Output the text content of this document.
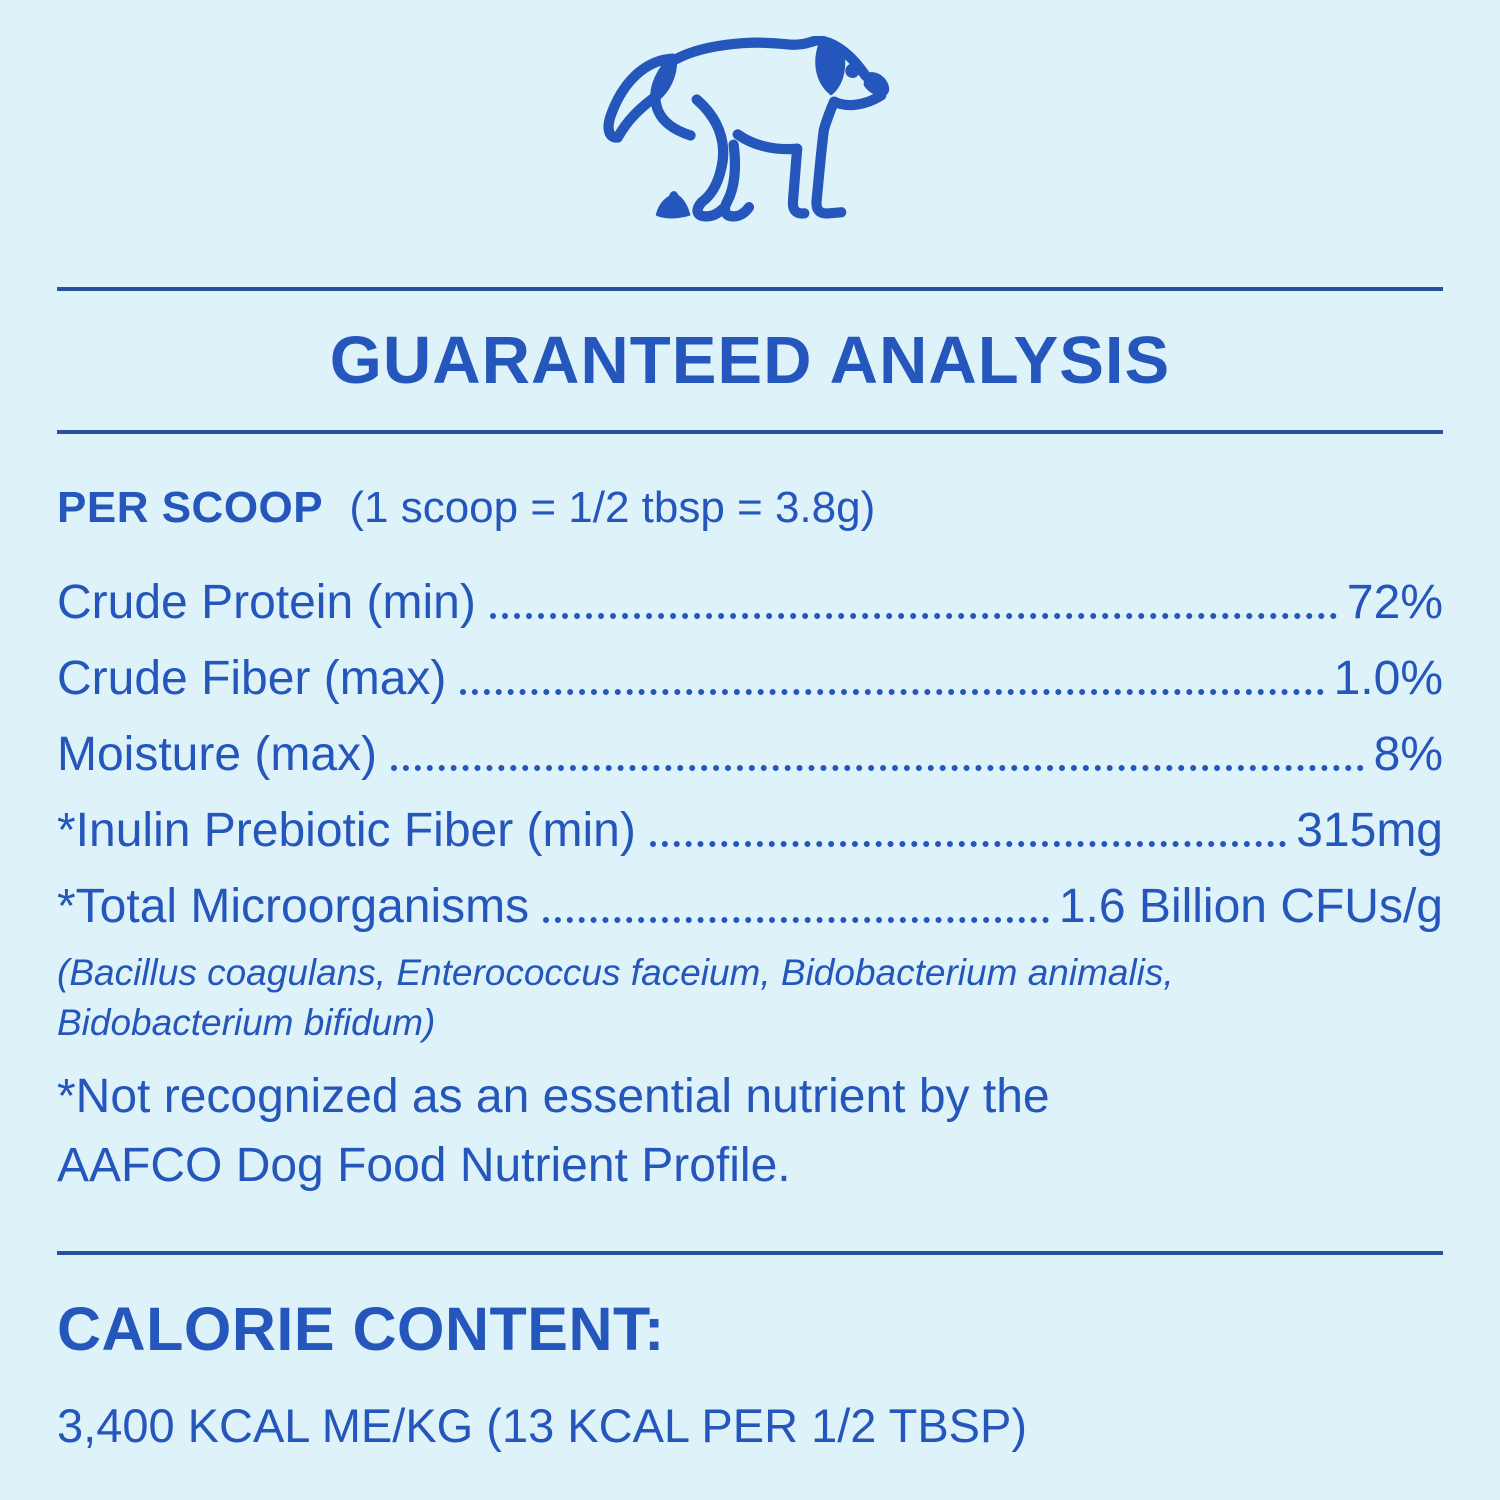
GUARANTEED ANALYSIS
PER SCOOP (1 scoop = 1/2 tbsp = 3.8g)
Crude Protein (min)	72%
Crude Fiber (max)	1.0%
Moisture (max)	8%
*Inulin Prebiotic Fiber (min)	315mg
*Total Microorganisms	1.6 Billion CFUs/g
(Bacillus coagulans, Enterococcus faceium, Bidobacterium animalis,
Bidobacterium bifidum)
*Not recognized as an essential nutrient by the
AAFCO Dog Food Nutrient Profile.
CALORIE CONTENT:
3,400 KCAL ME/KG (13 KCAL PER 1/2 TBSP)
